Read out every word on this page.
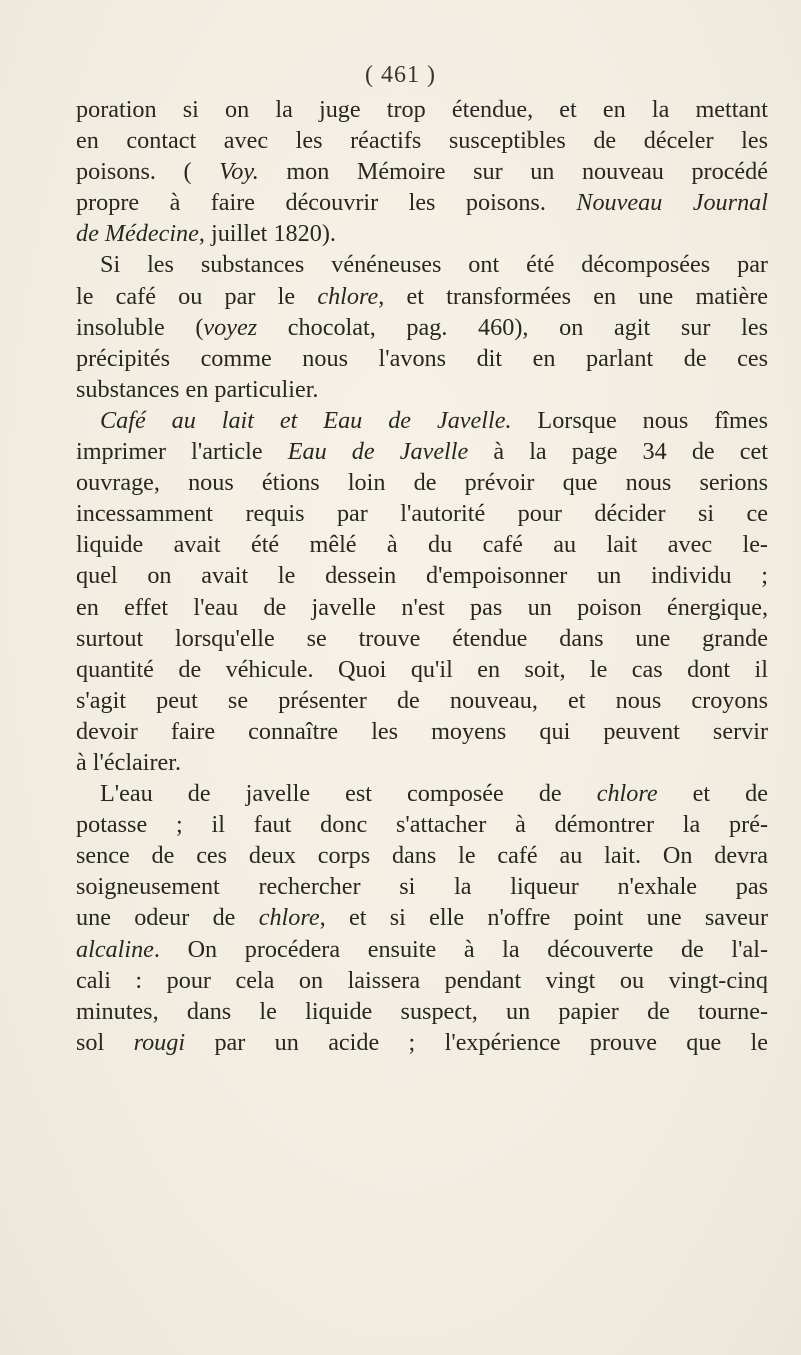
( 461 )
poration si on la juge trop étendue, et en la mettant
en contact avec les réactifs susceptibles de déceler les
poisons. ( Voy. mon Mémoire sur un nouveau procédé
propre à faire découvrir les poisons. Nouveau Journal
de Médecine, juillet 1820).
Si les substances vénéneuses ont été décomposées par
le café ou par le chlore, et transformées en une matière
insoluble (voyez chocolat, pag. 460), on agit sur les
précipités comme nous l'avons dit en parlant de ces
substances en particulier.
Café au lait et Eau de Javelle. Lorsque nous fîmes
imprimer l'article Eau de Javelle à la page 34 de cet
ouvrage, nous étions loin de prévoir que nous serions
incessamment requis par l'autorité pour décider si ce
liquide avait été mêlé à du café au lait avec le-
quel on avait le dessein d'empoisonner un individu ;
en effet l'eau de javelle n'est pas un poison énergique,
surtout lorsqu'elle se trouve étendue dans une grande
quantité de véhicule. Quoi qu'il en soit, le cas dont il
s'agit peut se présenter de nouveau, et nous croyons
devoir faire connaître les moyens qui peuvent servir
à l'éclairer.
L'eau de javelle est composée de chlore et de
potasse ; il faut donc s'attacher à démontrer la pré-
sence de ces deux corps dans le café au lait. On devra
soigneusement rechercher si la liqueur n'exhale pas
une odeur de chlore, et si elle n'offre point une saveur
alcaline. On procédera ensuite à la découverte de l'al-
cali : pour cela on laissera pendant vingt ou vingt-cinq
minutes, dans le liquide suspect, un papier de tourne-
sol rougi par un acide ; l'expérience prouve que le
